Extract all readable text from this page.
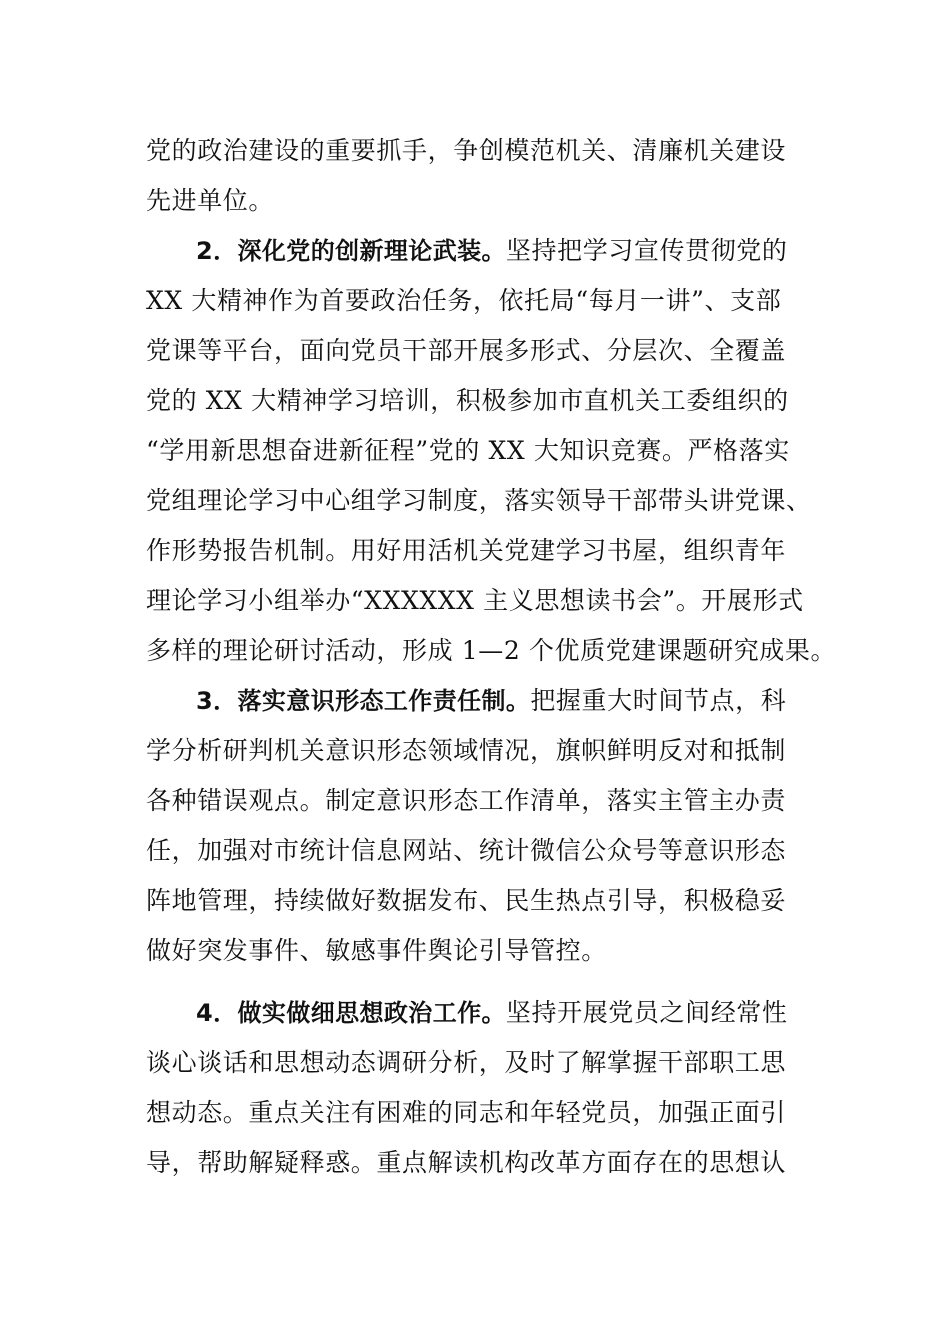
党的政治建设的重要抓手，争创模范机关、清廉机关建设
先进单位。
2．深化党的创新理论武装。坚持把学习宣传贯彻党的
XX 大精神作为首要政治任务，依托局“每月一讲”、支部
党课等平台，面向党员干部开展多形式、分层次、全覆盖
党的 XX 大精神学习培训，积极参加市直机关工委组织的
“学用新思想奋进新征程”党的 XX 大知识竞赛。严格落实
党组理论学习中心组学习制度，落实领导干部带头讲党课、
作形势报告机制。用好用活机关党建学习书屋，组织青年
理论学习小组举办“XXXXXX 主义思想读书会”。开展形式
多样的理论研讨活动，形成 1—2 个优质党建课题研究成果。
3．落实意识形态工作责任制。把握重大时间节点，科
学分析研判机关意识形态领域情况，旗帜鲜明反对和抵制
各种错误观点。制定意识形态工作清单，落实主管主办责
任，加强对市统计信息网站、统计微信公众号等意识形态
阵地管理，持续做好数据发布、民生热点引导，积极稳妥
做好突发事件、敏感事件舆论引导管控。
4．做实做细思想政治工作。坚持开展党员之间经常性
谈心谈话和思想动态调研分析，及时了解掌握干部职工思
想动态。重点关注有困难的同志和年轻党员，加强正面引
导，帮助解疑释惑。重点解读机构改革方面存在的思想认
